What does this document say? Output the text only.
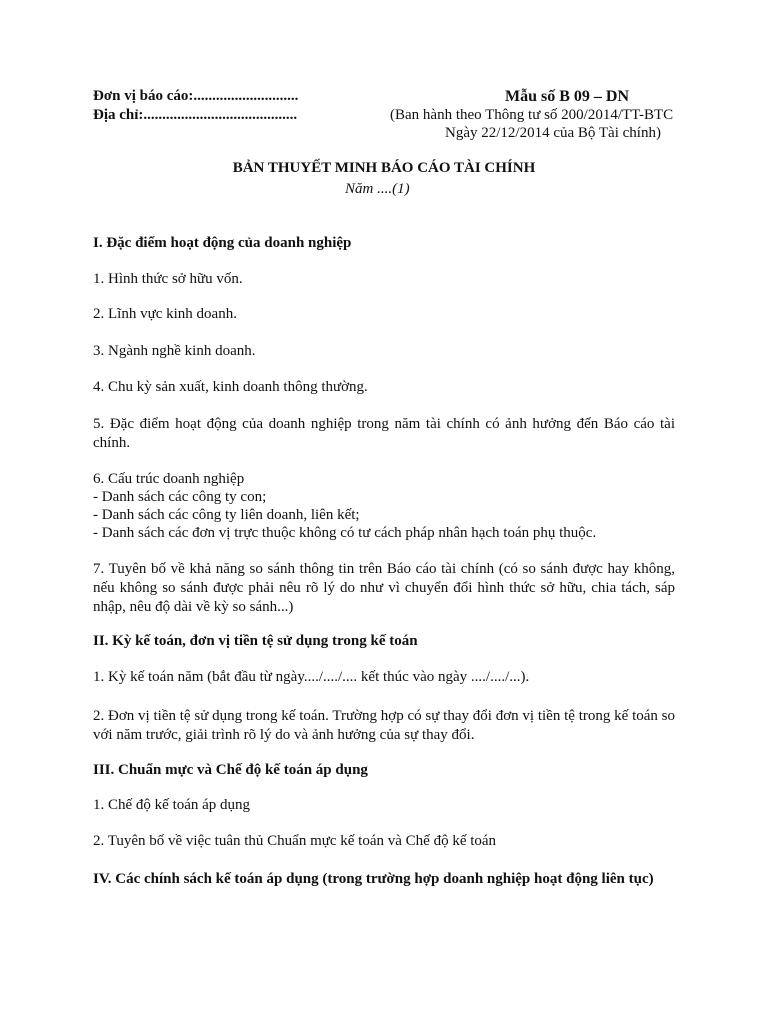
Đơn vị báo cáo:............................
Địa chỉ:.........................................
Mẫu số B 09 – DN
(Ban hành theo Thông tư số 200/2014/TT-BTC
Ngày 22/12/2014 của Bộ Tài chính)
BẢN THUYẾT MINH BÁO CÁO TÀI CHÍNH
Năm ....(1)
I. Đặc điểm hoạt động của doanh nghiệp
1. Hình thức sở hữu vốn.
2. Lĩnh vực kinh doanh.
3. Ngành nghề kinh doanh.
4. Chu kỳ sản xuất, kinh doanh thông thường.
5. Đặc điểm hoạt động của doanh nghiệp trong năm tài chính có ảnh hưởng đến Báo cáo tài chính.
6. Cấu trúc doanh nghiệp
- Danh sách các công ty con;
- Danh sách các công ty liên doanh, liên kết;
- Danh sách các đơn vị trực thuộc không có tư cách pháp nhân hạch toán phụ thuộc.
7. Tuyên bố về khả năng so sánh thông tin trên Báo cáo tài chính (có so sánh được hay không, nếu không so sánh được phải nêu rõ lý do như vì chuyển đổi hình thức sở hữu, chia tách, sáp nhập, nêu độ dài về kỳ so sánh...)
II. Kỳ kế toán, đơn vị tiền tệ sử dụng trong kế toán
1. Kỳ kế toán năm (bắt đầu từ ngày..../..../.... kết thúc vào ngày ..../..../...).
2. Đơn vị tiền tệ sử dụng trong kế toán. Trường hợp có sự thay đổi đơn vị tiền tệ trong kế toán so với năm trước, giải trình rõ lý do và ảnh hưởng của sự thay đổi.
III. Chuẩn mực và Chế độ kế toán áp dụng
1. Chế độ kế toán áp dụng
2. Tuyên bố về việc tuân thủ Chuẩn mực kế toán và Chế độ kế toán
IV. Các chính sách kế toán áp dụng (trong trường hợp doanh nghiệp hoạt động liên tục)
